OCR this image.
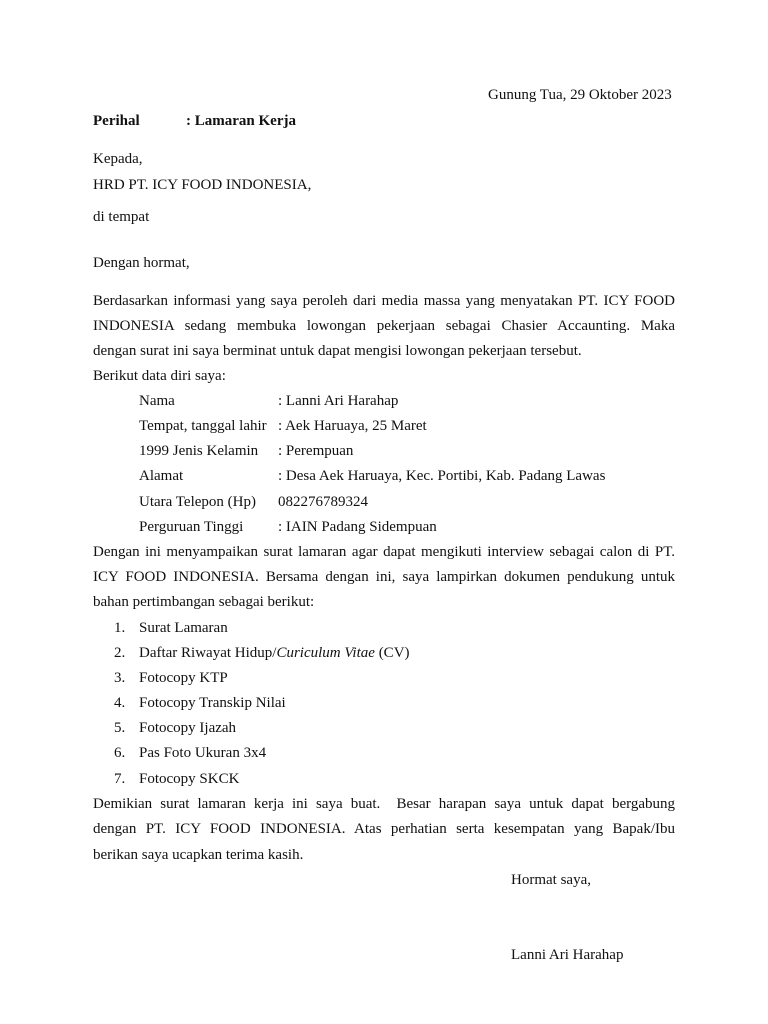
Gunung Tua, 29 Oktober 2023
Perihal	: Lamaran Kerja
Kepada,
HRD PT. ICY FOOD INDONESIA,
di tempat
Dengan hormat,
Berdasarkan informasi yang saya peroleh dari media massa yang menyatakan PT. ICY FOOD
INDONESIA sedang membuka lowongan pekerjaan sebagai Chasier Accaunting. Maka
dengan surat ini saya berminat untuk dapat mengisi lowongan pekerjaan tersebut.
Berikut data diri saya:
Nama	: Lanni Ari Harahap
Tempat, tanggal lahir : Aek Haruaya, 25 Maret
1999 Jenis Kelamin : Perempuan
Alamat	: Desa Aek Haruaya, Kec. Portibi, Kab. Padang Lawas
Utara Telepon (Hp) 082276789324
Perguruan Tinggi : IAIN Padang Sidempuan
Dengan ini menyampaikan surat lamaran agar dapat mengikuti interview sebagai calon di PT.
ICY FOOD INDONESIA. Bersama dengan ini, saya lampirkan dokumen pendukung untuk
bahan pertimbangan sebagai berikut:
1. Surat Lamaran
2. Daftar Riwayat Hidup/Curiculum Vitae (CV)
3. Fotocopy KTP
4. Fotocopy Transkip Nilai
5. Fotocopy Ijazah
6. Pas Foto Ukuran 3x4
7. Fotocopy SKCK
Demikian surat lamaran kerja ini saya buat.  Besar harapan saya untuk dapat bergabung
dengan PT. ICY FOOD INDONESIA. Atas perhatian serta kesempatan yang Bapak/Ibu
berikan saya ucapkan terima kasih.
Hormat saya,
Lanni Ari Harahap
